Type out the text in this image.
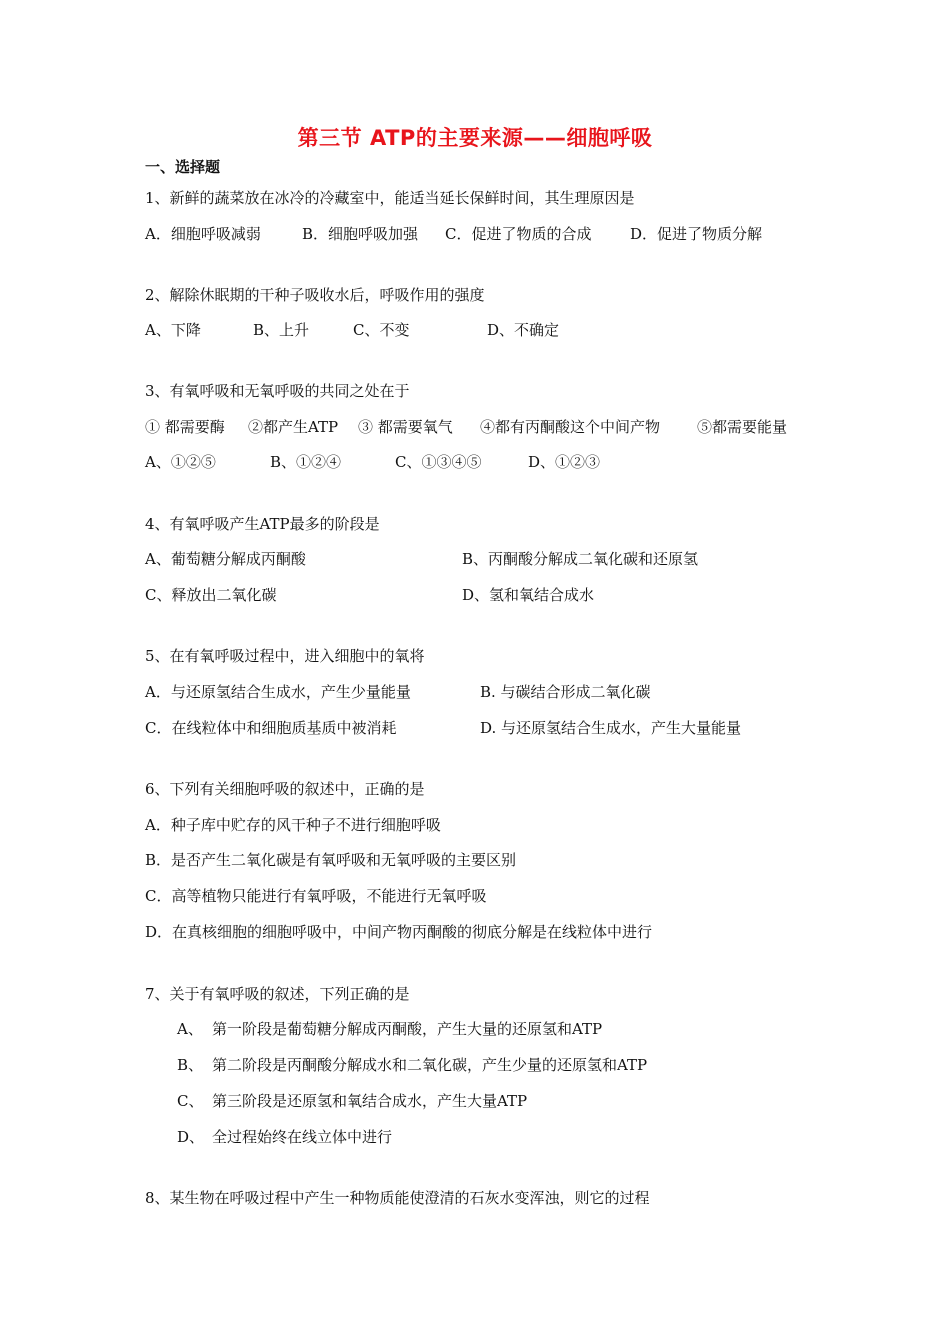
第三节 ATP的主要来源——细胞呼吸
一、选择题
1、新鲜的蔬菜放在冰冷的冷藏室中，能适当延长保鲜时间，其生理原因是
A．细胞呼吸减弱	B．细胞呼吸加强 C．促进了物质的合成	D．促进了物质分解
2、解除休眠期的干种子吸收水后，呼吸作用的强度
A、下降	B、上升	C、不变	D、不确定
3、有氧呼吸和无氧呼吸的共同之处在于
① 都需要酶 ②都产生ATP ③ 都需要氧气 ④都有丙酮酸这个中间产物 ⑤都需要能量
A、①②⑤	B、①②④	C、①③④⑤	D、①②③
4、有氧呼吸产生ATP最多的阶段是
A、葡萄糖分解成丙酮酸	B、丙酮酸分解成二氧化碳和还原氢
C、释放出二氧化碳	D、氢和氧结合成水
5、在有氧呼吸过程中，进入细胞中的氧将
A．与还原氢结合生成水，产生少量能量	B. 与碳结合形成二氧化碳
C．在线粒体中和细胞质基质中被消耗	D. 与还原氢结合生成水，产生大量能量
6、下列有关细胞呼吸的叙述中，正确的是
A．种子库中贮存的风干种子不进行细胞呼吸
B．是否产生二氧化碳是有氧呼吸和无氧呼吸的主要区别
C．高等植物只能进行有氧呼吸，不能进行无氧呼吸
D．在真核细胞的细胞呼吸中，中间产物丙酮酸的彻底分解是在线粒体中进行
7、关于有氧呼吸的叙述，下列正确的是
A、 第一阶段是葡萄糖分解成丙酮酸，产生大量的还原氢和ATP
B、 第二阶段是丙酮酸分解成水和二氧化碳，产生少量的还原氢和ATP
C、 第三阶段是还原氢和氧结合成水，产生大量ATP
D、 全过程始终在线立体中进行
8、某生物在呼吸过程中产生一种物质能使澄清的石灰水变浑浊，则它的过程
